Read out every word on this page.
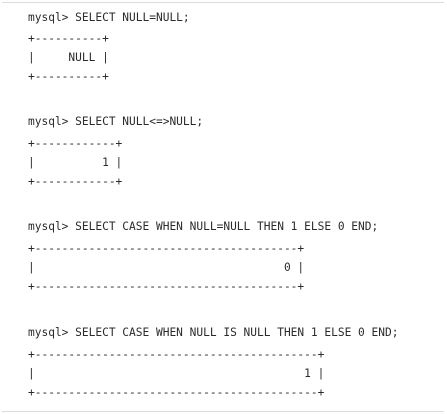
mysql> SELECT NULL=NULL;

+----------+

|     NULL |

+----------+

mysql> SELECT NULL<=>NULL;

+------------+

|          1 |

+------------+

mysql> SELECT CASE WHEN NULL=NULL THEN 1 ELSE 0 END;

+---------------------------------------+

|                                     0 |

+---------------------------------------+

mysql> SELECT CASE WHEN NULL IS NULL THEN 1 ELSE 0 END;

+------------------------------------------+

|                                        1 |

+------------------------------------------+
